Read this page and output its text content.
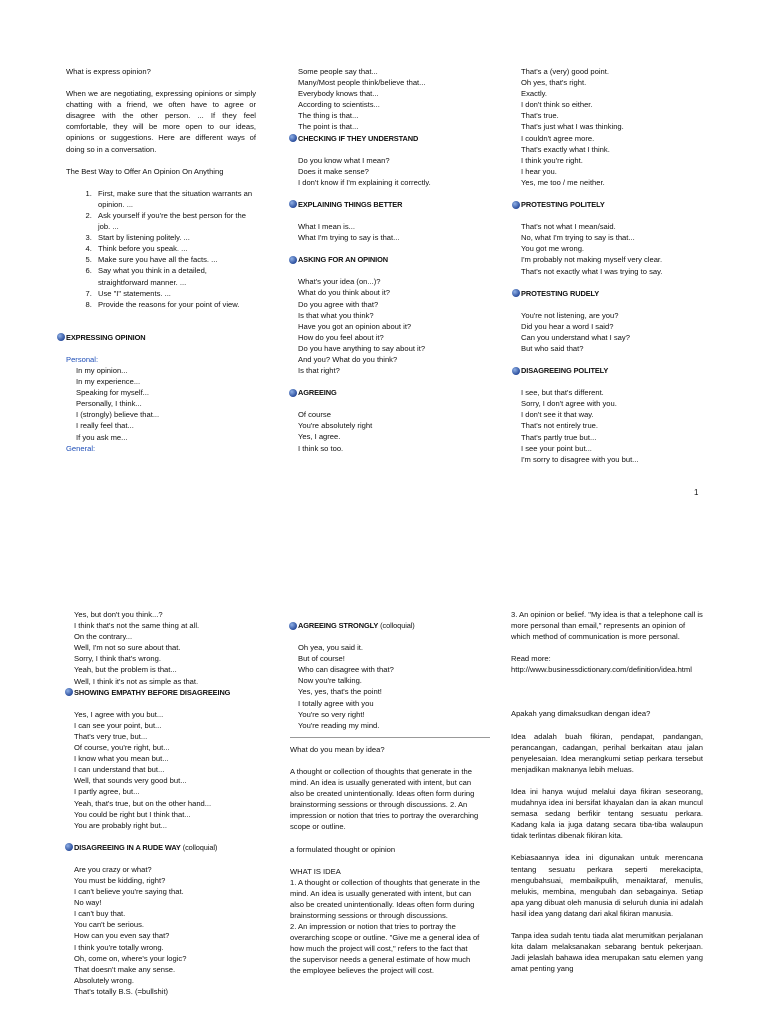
What is express opinion?

When we are negotiating, expressing opinions or simply chatting with a friend, we often have to agree or disagree with the other person. ... If they feel comfortable, they will be more open to our ideas, opinions or suggestions. Here are different ways of doing so in a conversation.

The Best Way to Offer An Opinion On Anything

1. First, make sure that the situation warrants an opinion. ...
2. Ask yourself if you're the best person for the job. ...
3. Start by listening politely. ...
4. Think before you speak. ...
5. Make sure you have all the facts. ...
6. Say what you think in a detailed, straightforward manner. ...
7. Use "I" statements. ...
8. Provide the reasons for your point of view.
EXPRESSING OPINION

Personal:

In my opinion...

In my experience...

Speaking for myself...

Personally, I think...

I (strongly) believe that...

I really feel that...

If you ask me...

General:

Some people say that...

Many/Most people think/believe that...

Everybody knows that...

According to scientists...

The thing is that...

The point is that...

CHECKING IF THEY UNDERSTAND

Do you know what I mean?

Does it make sense?

I don't know if I'm explaining it correctly.

EXPLAINING THINGS BETTER

What I mean is...

What I'm trying to say is that...

ASKING FOR AN OPINION

What's your idea (on...)?

What do you think about it?

Do you agree with that?

Is that what you think?

Have you got an opinion about it?

How do you feel about it?

Do you have anything to say about it?

And you? What do you think?

Is that right?

AGREEING

Of course

You're absolutely right

Yes, I agree.

I think so too.

That's a (very) good point.

Oh yes, that's right.

Exactly.

I don't think so either.

That's true.

That's just what I was thinking.

I couldn't agree more.

That's exactly what I think.

I think you're right.

I hear you.

Yes, me too / me neither.

PROTESTING POLITELY

That's not what I mean/said.

No, what I'm trying to say is that...

You got me wrong.

I'm probably not making myself very clear.

That's not exactly what I was trying to say.

PROTESTING RUDELY

You're not listening, are you?

Did you hear a word I said?

Can you understand what I say?

But who said that?

DISAGREEING POLITELY

I see, but that's different.

Sorry, I don't agree with you.

I don't see it that way.

That's not entirely true.

That's partly true but...

I see your point but...

I'm sorry to disagree with you but...

1

Yes, but don't you think...?

I think that's not the same thing at all.

On the contrary...

Well, I'm not so sure about that.

Sorry, I think that's wrong.

Yeah, but the problem is that...

Well, I think it's not as simple as that.

SHOWING EMPATHY BEFORE DISAGREEING

Yes, I agree with you but...

I can see your point, but...

That's very true, but...

Of course, you're right, but...

I know what you mean but...

I can understand that but...

Well, that sounds very good but...

I partly agree, but...

Yeah, that's true, but on the other hand...

You could be right but I think that...

You are probably right but...

DISAGREEING IN A RUDE WAY
(colloquial)

Are you crazy or what?

You must be kidding, right?

I can't believe you're saying that.

No way!

I can't buy that.

You can't be serious.

How can you even say that?

I think you're totally wrong.

Oh, come on, where's your logic?

That doesn't make any sense.

Absolutely wrong.

That's totally B.S. (=bullshit)

AGREEING STRONGLY
(colloquial)

Oh yea, you said it.

But of course!

Who can disagree with that?

Now you're talking.

Yes, yes, that's the point!

I totally agree with you

You're so very right!

You're reading my mind.

What do you mean by idea?

A thought or collection of thoughts that generate in the mind. An idea is usually generated with intent, but can also be created unintentionally. Ideas often form during brainstorming sessions or through discussions. 2. An impression or notion that tries to portray the overarching scope or outline.

a formulated thought or opinion

WHAT IS IDEA

1. A thought or collection of thoughts that generate in the mind. An idea is usually generated with intent, but can also be created unintentionally. Ideas often form during brainstorming sessions or through discussions.

2. An impression or notion that tries to portray the overarching scope or outline. "Give me a general idea of how much the project will cost," refers to the fact that the supervisor needs a general estimate of how much the employee believes the project will cost.

3. An opinion or belief. "My idea is that a telephone call is more personal than email," represents an opinion of which method of communication is more personal.

Read more:

http://www.businessdictionary.com/definition/idea.html

Apakah yang dimaksudkan dengan idea?

Idea adalah buah fikiran, pendapat, pandangan, perancangan, cadangan, perihal berkaitan atau jalan penyelesaian. Idea merangkumi setiap perkara tersebut menjadikan maknanya lebih meluas.

Idea ini hanya wujud melalui daya fikiran seseorang, mudahnya idea ini bersifat khayalan dan ia akan muncul semasa sedang berfikir tentang sesuatu perkara. Kadang kala ia juga datang secara tiba-tiba walaupun tidak terlintas dibenak fikiran kita.

Kebiasaannya idea ini digunakan untuk merencana tentang sesuatu perkara seperti merekacipta, mengubahsuai, membaikpulih, menaiktaraf, menulis, melukis, membina, mengubah dan sebagainya. Setiap apa yang dibuat oleh manusia di seluruh dunia ini adalah hasil idea yang datang dari akal fikiran manusia.

Tanpa idea sudah tentu tiada alat merumitkan perjalanan kita dalam melaksanakan sebarang bentuk pekerjaan. Jadi jelaslah bahawa idea merupakan satu elemen yang amat penting yang
